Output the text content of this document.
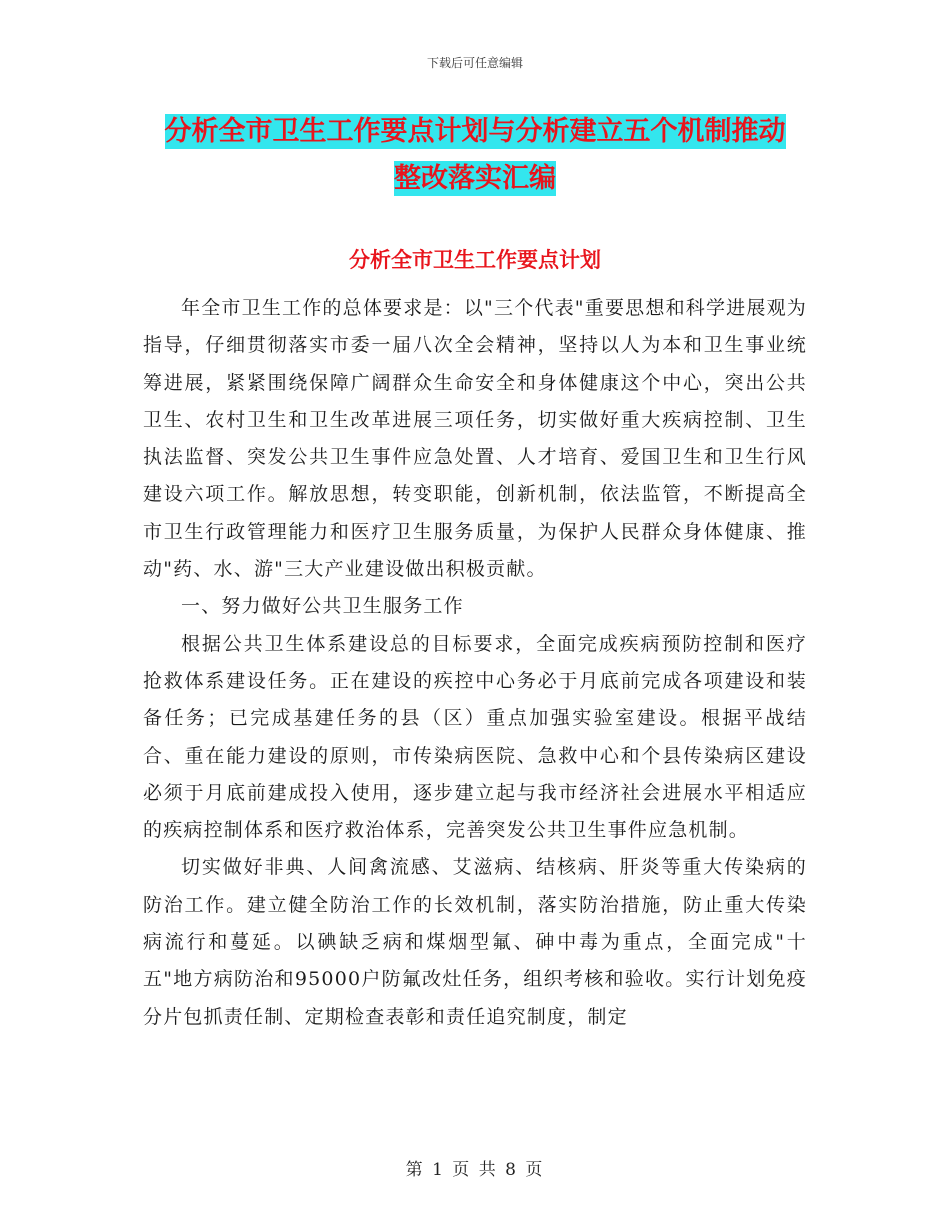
下载后可任意编辑
分析全市卫生工作要点计划与分析建立五个机制推动
整改落实汇编
分析全市卫生工作要点计划

年全市卫生工作的总体要求是：以"三个代表"重要思想和科学进展观为指导，仔细贯彻落实市委一届八次全会精神，坚持以人为本和卫生事业统筹进展，紧紧围绕保障广阔群众生命安全和身体健康这个中心，突出公共卫生、农村卫生和卫生改革进展三项任务，切实做好重大疾病控制、卫生执法监督、突发公共卫生事件应急处置、人才培育、爱国卫生和卫生行风建设六项工作。解放思想，转变职能，创新机制，依法监管，不断提高全市卫生行政管理能力和医疗卫生服务质量，为保护人民群众身体健康、推动"药、水、游"三大产业建设做出积极贡献。

一、努力做好公共卫生服务工作

根据公共卫生体系建设总的目标要求，全面完成疾病预防控制和医疗抢救体系建设任务。正在建设的疾控中心务必于月底前完成各项建设和装备任务；已完成基建任务的县（区）重点加强实验室建设。根据平战结合、重在能力建设的原则，市传染病医院、急救中心和个县传染病区建设必须于月底前建成投入使用，逐步建立起与我市经济社会进展水平相适应的疾病控制体系和医疗救治体系，完善突发公共卫生事件应急机制。

切实做好非典、人间禽流感、艾滋病、结核病、肝炎等重大传染病的防治工作。建立健全防治工作的长效机制，落实防治措施，防止重大传染病流行和蔓延。以碘缺乏病和煤烟型氟、砷中毒为重点，全面完成"十五"地方病防治和95000户防氟改灶任务，组织考核和验收。实行计划免疫分片包抓责任制、定期检查表彰和责任追究制度，制定

第 1 页 共 8 页
